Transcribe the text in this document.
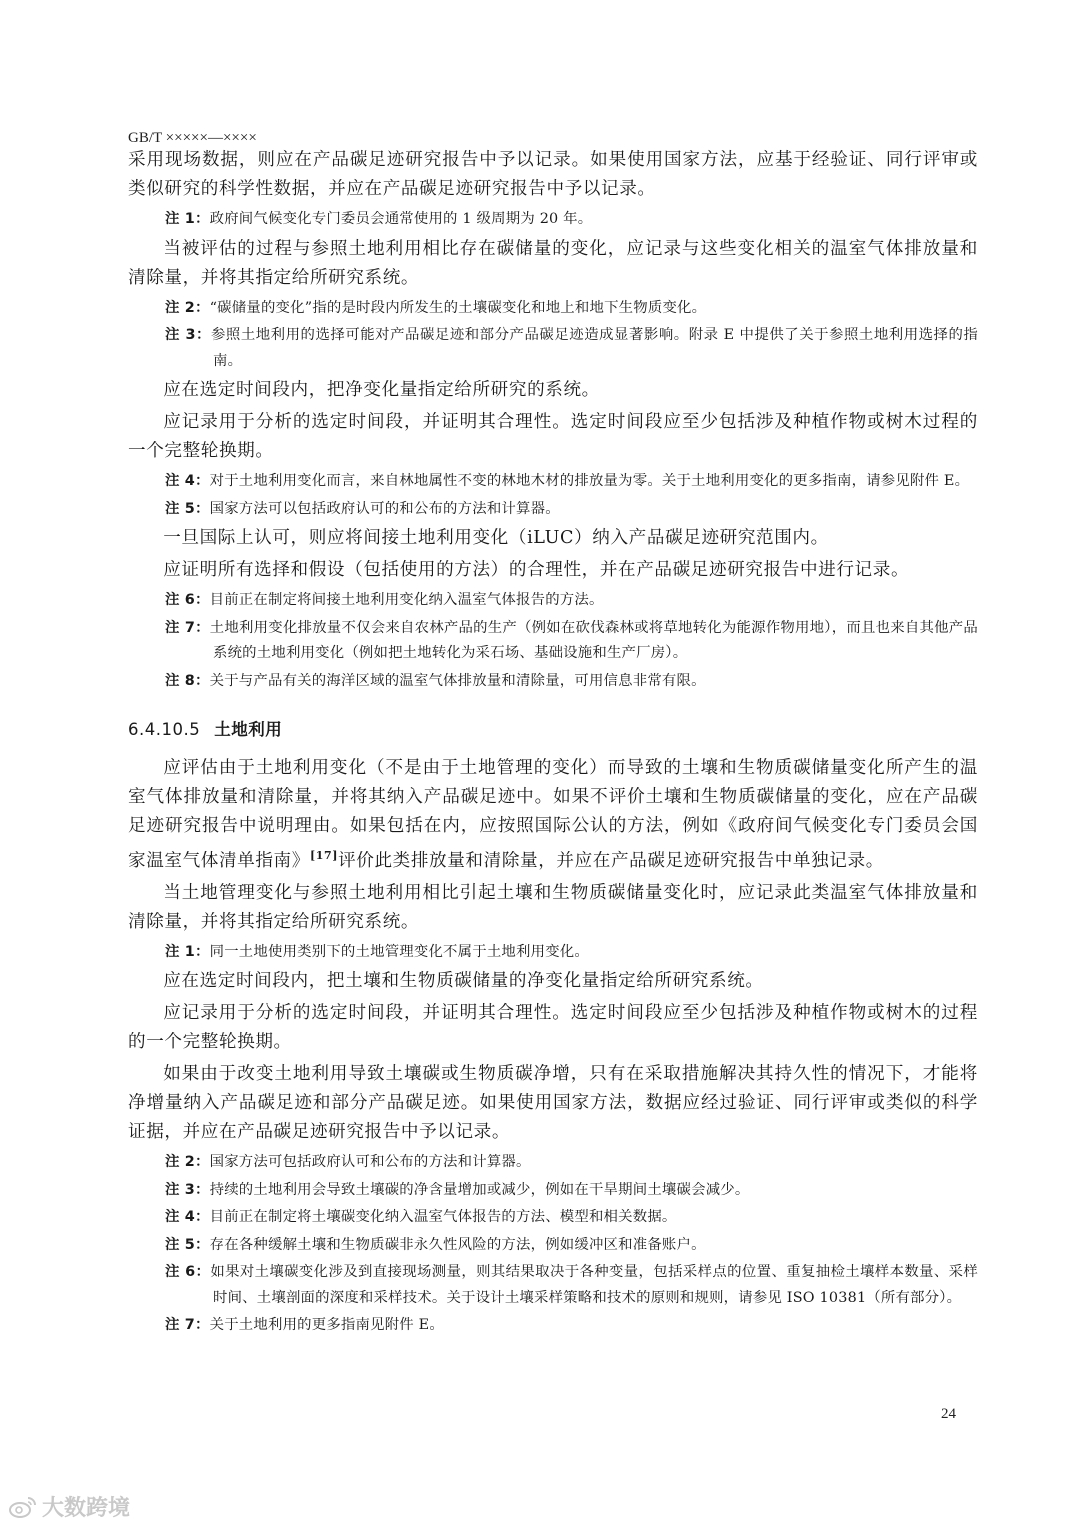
GB/T ×××××—××××

采用现场数据，则应在产品碳足迹研究报告中予以记录。如果使用国家方法，应基于经验证、同行评审或类似研究的科学性数据，并应在产品碳足迹研究报告中予以记录。

注 1：政府间气候变化专门委员会通常使用的 1 级周期为 20 年。

当被评估的过程与参照土地利用相比存在碳储量的变化，应记录与这些变化相关的温室气体排放量和清除量，并将其指定给所研究系统。

注 2：“碳储量的变化”指的是时段内所发生的土壤碳变化和地上和地下生物质变化。

注 3：参照土地利用的选择可能对产品碳足迹和部分产品碳足迹造成显著影响。附录 E 中提供了关于参照土地利用选择的指南。

应在选定时间段内，把净变化量指定给所研究的系统。

应记录用于分析的选定时间段，并证明其合理性。选定时间段应至少包括涉及种植作物或树木过程的一个完整轮换期。

注 4：对于土地利用变化而言，来自林地属性不变的林地木材的排放量为零。关于土地利用变化的更多指南，请参见附件 E。

注 5：国家方法可以包括政府认可的和公布的方法和计算器。

一旦国际上认可，则应将间接土地利用变化（iLUC）纳入产品碳足迹研究范围内。

应证明所有选择和假设（包括使用的方法）的合理性，并在产品碳足迹研究报告中进行记录。

注 6：目前正在制定将间接土地利用变化纳入温室气体报告的方法。

注 7：土地利用变化排放量不仅会来自农林产品的生产（例如在砍伐森林或将草地转化为能源作物用地），而且也来自其他产品系统的土地利用变化（例如把土地转化为采石场、基础设施和生产厂房）。

注 8：关于与产品有关的海洋区域的温室气体排放量和清除量，可用信息非常有限。

6.4.10.5 土地利用

应评估由于土地利用变化（不是由于土地管理的变化）而导致的土壤和生物质碳储量变化所产生的温室气体排放量和清除量，并将其纳入产品碳足迹中。如果不评价土壤和生物质碳储量的变化，应在产品碳足迹研究报告中说明理由。如果包括在内，应按照国际公认的方法，例如《政府间气候变化专门委员会国家温室气体清单指南》[17]评价此类排放量和清除量，并应在产品碳足迹研究报告中单独记录。

当土地管理变化与参照土地利用相比引起土壤和生物质碳储量变化时，应记录此类温室气体排放量和清除量，并将其指定给所研究系统。

注 1：同一土地使用类别下的土地管理变化不属于土地利用变化。

应在选定时间段内，把土壤和生物质碳储量的净变化量指定给所研究系统。

应记录用于分析的选定时间段，并证明其合理性。选定时间段应至少包括涉及种植作物或树木的过程的一个完整轮换期。

如果由于改变土地利用导致土壤碳或生物质碳净增，只有在采取措施解决其持久性的情况下，才能将净增量纳入产品碳足迹和部分产品碳足迹。如果使用国家方法，数据应经过验证、同行评审或类似的科学证据，并应在产品碳足迹研究报告中予以记录。

注 2：国家方法可包括政府认可和公布的方法和计算器。

注 3：持续的土地利用会导致土壤碳的净含量增加或减少，例如在干旱期间土壤碳会减少。

注 4：目前正在制定将土壤碳变化纳入温室气体报告的方法、模型和相关数据。

注 5：存在各种缓解土壤和生物质碳非永久性风险的方法，例如缓冲区和准备账户。

注 6：如果对土壤碳变化涉及到直接现场测量，则其结果取决于各种变量，包括采样点的位置、重复抽检土壤样本数量、采样时间、土壤剖面的深度和采样技术。关于设计土壤采样策略和技术的原则和规则，请参见 ISO 10381（所有部分）。

注 7：关于土地利用的更多指南见附件 E。

24
大数跨境
